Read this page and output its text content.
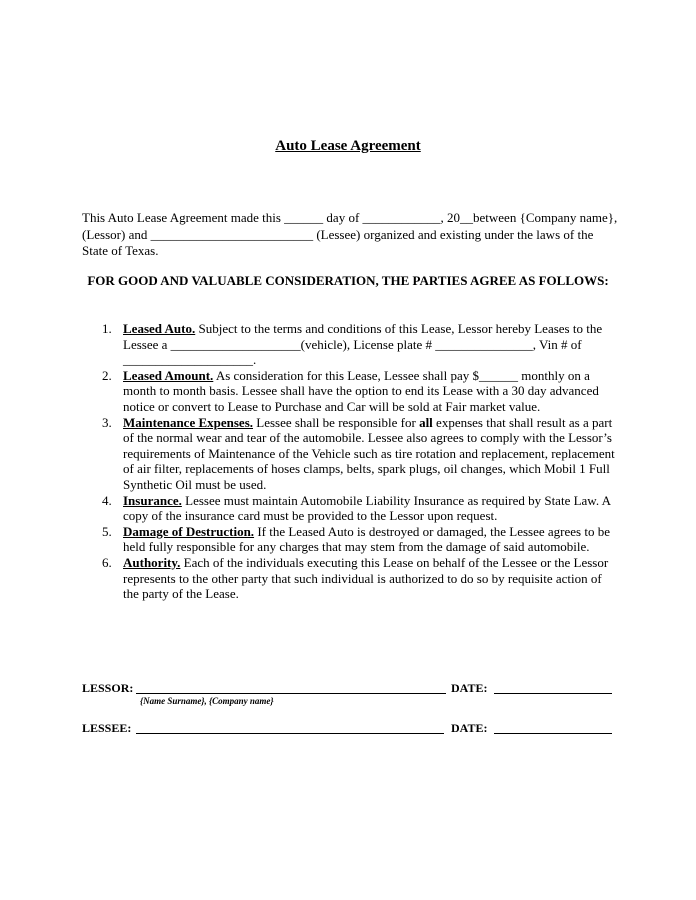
Auto Lease Agreement

This Auto Lease Agreement made this ______ day of ____________, 20__between {Company name}, (Lessor) and _________________________ (Lessee) organized and existing under the laws of the State of Texas.

FOR GOOD AND VALUABLE CONSIDERATION, THE PARTIES AGREE AS FOLLOWS:
1. Leased Auto. Subject to the terms and conditions of this Lease, Lessor hereby Leases to the Lessee a ____________________(vehicle), License plate # _______________, Vin # of ____________________.
2. Leased Amount. As consideration for this Lease, Lessee shall pay $______ monthly on a month to month basis. Lessee shall have the option to end its Lease with a 30 day advanced notice or convert to Lease to Purchase and Car will be sold at Fair market value.
3. Maintenance Expenses. Lessee shall be responsible for all expenses that shall result as a part of the normal wear and tear of the automobile. Lessee also agrees to comply with the Lessor’s requirements of Maintenance of the Vehicle such as tire rotation and replacement, replacement of air filter, replacements of hoses clamps, belts, spark plugs, oil changes, which Mobil 1 Full Synthetic Oil must be used.
4. Insurance. Lessee must maintain Automobile Liability Insurance as required by State Law. A copy of the insurance card must be provided to the Lessor upon request.
5. Damage of Destruction. If the Leased Auto is destroyed or damaged, the Lessee agrees to be held fully responsible for any charges that may stem from the damage of said automobile.
6. Authority. Each of the individuals executing this Lease on behalf of the Lessee or the Lessor represents to the other party that such individual is authorized to do so by requisite action of the party of the Lease.
LESSOR:	DATE:
{Name Surname}, {Company name}
LESSEE:	DATE:
